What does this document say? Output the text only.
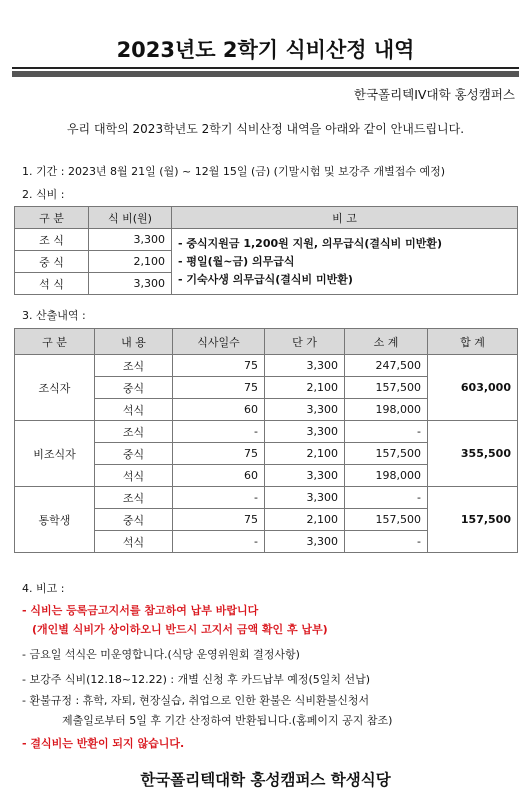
2023년도 2학기 식비산정 내역
한국폴리텍IV대학 홍성캠퍼스
우리 대학의 2023학년도 2학기 식비산정 내역을 아래와 같이 안내드립니다.
1. 기간 : 2023년 8월 21일 (월) ~ 12월 15일 (금) (기말시험 및 보강주 개별접수 예정)
2. 식비 :
구 분	식 비(원)	비 고
조 식	3,300	- 중식지원금 1,200원 지원, 의무급식(결식비 미반환)
- 평일(월~금) 의무급식
- 기숙사생 의무급식(결식비 미반환)

중 식	2,100	
석 식	3,300	
3. 산출내역 :
구 분	내 용	식사일수	단 가	소 계	합 계
조식자	조식	75	3,300	247,500	603,000
	중식	75	2,100	157,500	
	석식	60	3,300	198,000	
비조식자	조식	-	3,300	-	355,500
	중식	75	2,100	157,500	
	석식	60	3,300	198,000	
통학생	조식	-	3,300	-	157,500
	중식	75	2,100	157,500	
	석식	-	3,300	-	
4. 비고 :
- 식비는 등록금고지서를 참고하여 납부 바랍니다
(개인별 식비가 상이하오니 반드시 고지서 금액 확인 후 납부)
- 금요일 석식은 미운영합니다.(식당 운영위원회 결정사항)
- 보강주 식비(12.18~12.22) : 개별 신청 후 카드납부 예정(5일치 선납)
- 환불규정 : 휴학, 자퇴, 현장실습, 취업으로 인한 환불은 식비환불신청서
제출일로부터 5일 후 기간 산정하여 반환됩니다.(홈페이지 공지 참조)
- 결식비는 반환이 되지 않습니다.
한국폴리텍대학 홍성캠퍼스 학생식당
